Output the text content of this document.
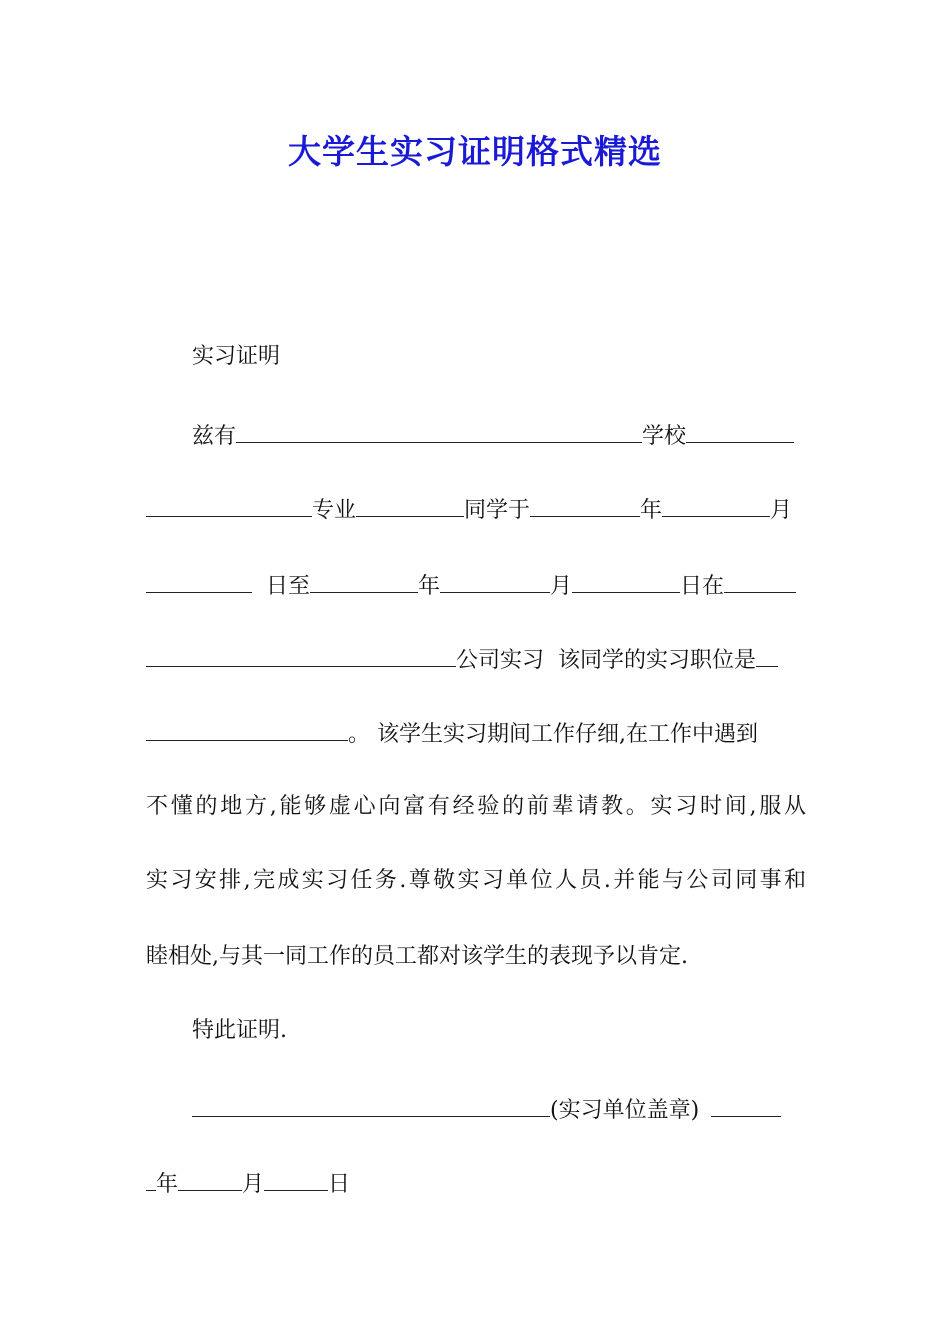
大学生实习证明格式精选
实习证明
兹有	学校
专业	同学于	年	月
日至	年	月	日在
公司实习  该同学的实习职位是
。 该学生实习期间工作仔细,在工作中遇到
不懂的地方,能够虚心向富有经验的前辈请教。实习时间,服从
实习安排,完成实习任务.尊敬实习单位人员.并能与公司同事和
睦相处,与其一同工作的员工都对该学生的表现予以肯定.
特此证明.
(实习单位盖章)
年	月	日
